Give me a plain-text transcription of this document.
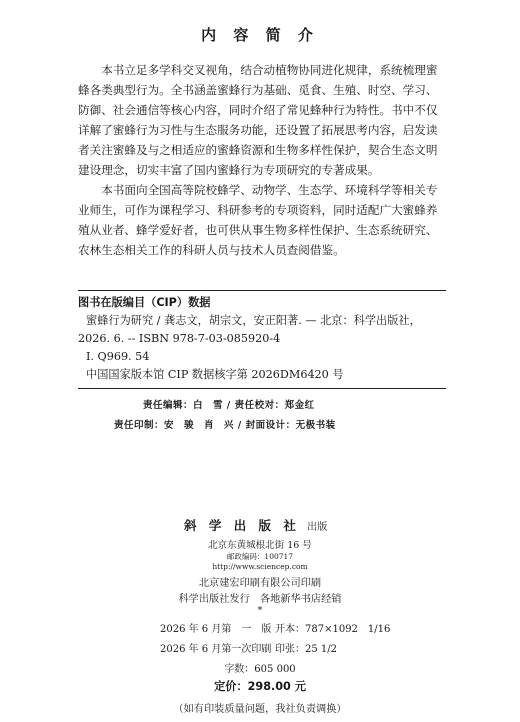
内 容 简 介

本书立足多学科交叉视角，结合动植物协同进化规律，系统梳理蜜蜂各类典型行为。全书涵盖蜜蜂行为基础、觅食、生殖、时空、学习、防御、社会通信等核心内容，同时介绍了常见蜂种行为特性。书中不仅详解了蜜蜂行为习性与生态服务功能，还设置了拓展思考内容，启发读者关注蜜蜂及与之相适应的蜜蜂资源和生物多样性保护，契合生态文明建设理念，切实丰富了国内蜜蜂行为专项研究的专著成果。

本书面向全国高等院校蜂学、动物学、生态学、环境科学等相关专业师生，可作为课程学习、科研参考的专项资料，同时适配广大蜜蜂养殖从业者、蜂学爱好者，也可供从事生物多样性保护、生态系统研究、农林生态相关工作的科研人员与技术人员查阅借鉴。

图书在版编目（CIP）数据
蜜蜂行为研究 / 龚志文，胡宗文，安正阳著. — 北京：科学出版社，
2026. 6. -- ISBN 978-7-03-085920-4
Ⅰ. Q969. 54
中国国家版本馆 CIP 数据核字第 2026DM6420 号
责任编辑：白　雪 / 责任校对：郑金红
责任印制：安　骏　肖　兴 / 封面设计：无极书装
斜 学 出 版 社 出版
北京东黄城根北街 16 号
邮政编码：100717
http://www.sciencep.com
北京建宏印刷有限公司印刷
科学出版社发行　各地新华书店经销
*
2026 年 6 月第　一　版 开本：787×1092　1/16
2026 年 6 月第一次印刷 印张：25 1/2
字数：605 000
定价：298.00 元
（如有印装质量问题，我社负责调换）
